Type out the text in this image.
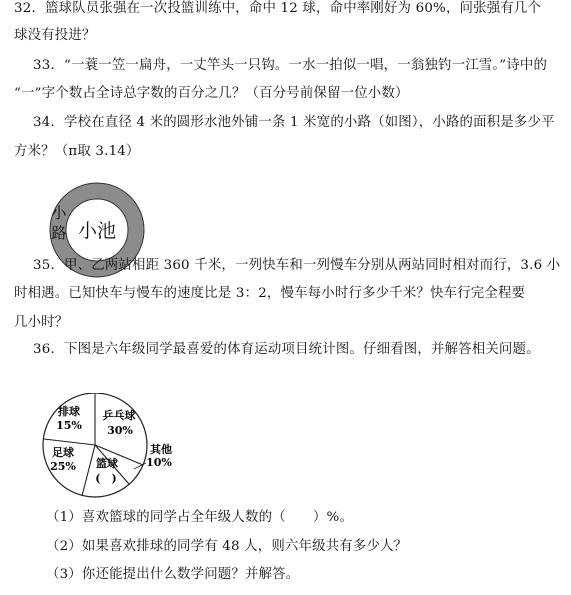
32．篮球队员张强在一次投篮训练中，命中 12 球，命中率刚好为 60%，问张强有几个
球没有投进？
33．“一蓑一笠一扁舟，一丈竿头一只钩。一水一拍似一唱，一翁独钓一江雪。”诗中的
“一”字个数占全诗总字数的百分之几？（百分号前保留一位小数）
34．学校在直径 4 米的圆形水池外铺一条 1 米宽的小路（如图），小路的面积是多少平
方米？（π取 3.14）
小池
小
路
35．甲、乙两站相距 360 千米，一列快车和一列慢车分别从两站同时相对而行，3.6 小
时相遇。已知快车与慢车的速度比是 3：2，慢车每小时行多少千米？快车行完全程要
几小时？
36．下图是六年级同学最喜爱的体育运动项目统计图。仔细看图，并解答相关问题。
排球
15%
乒乓球
30%
其他
10%
篮球
(　)
足球
25%
（1）喜欢篮球的同学占全年级人数的（　　）%。
（2）如果喜欢排球的同学有 48 人，则六年级共有多少人？
（3）你还能提出什么数学问题？并解答。
